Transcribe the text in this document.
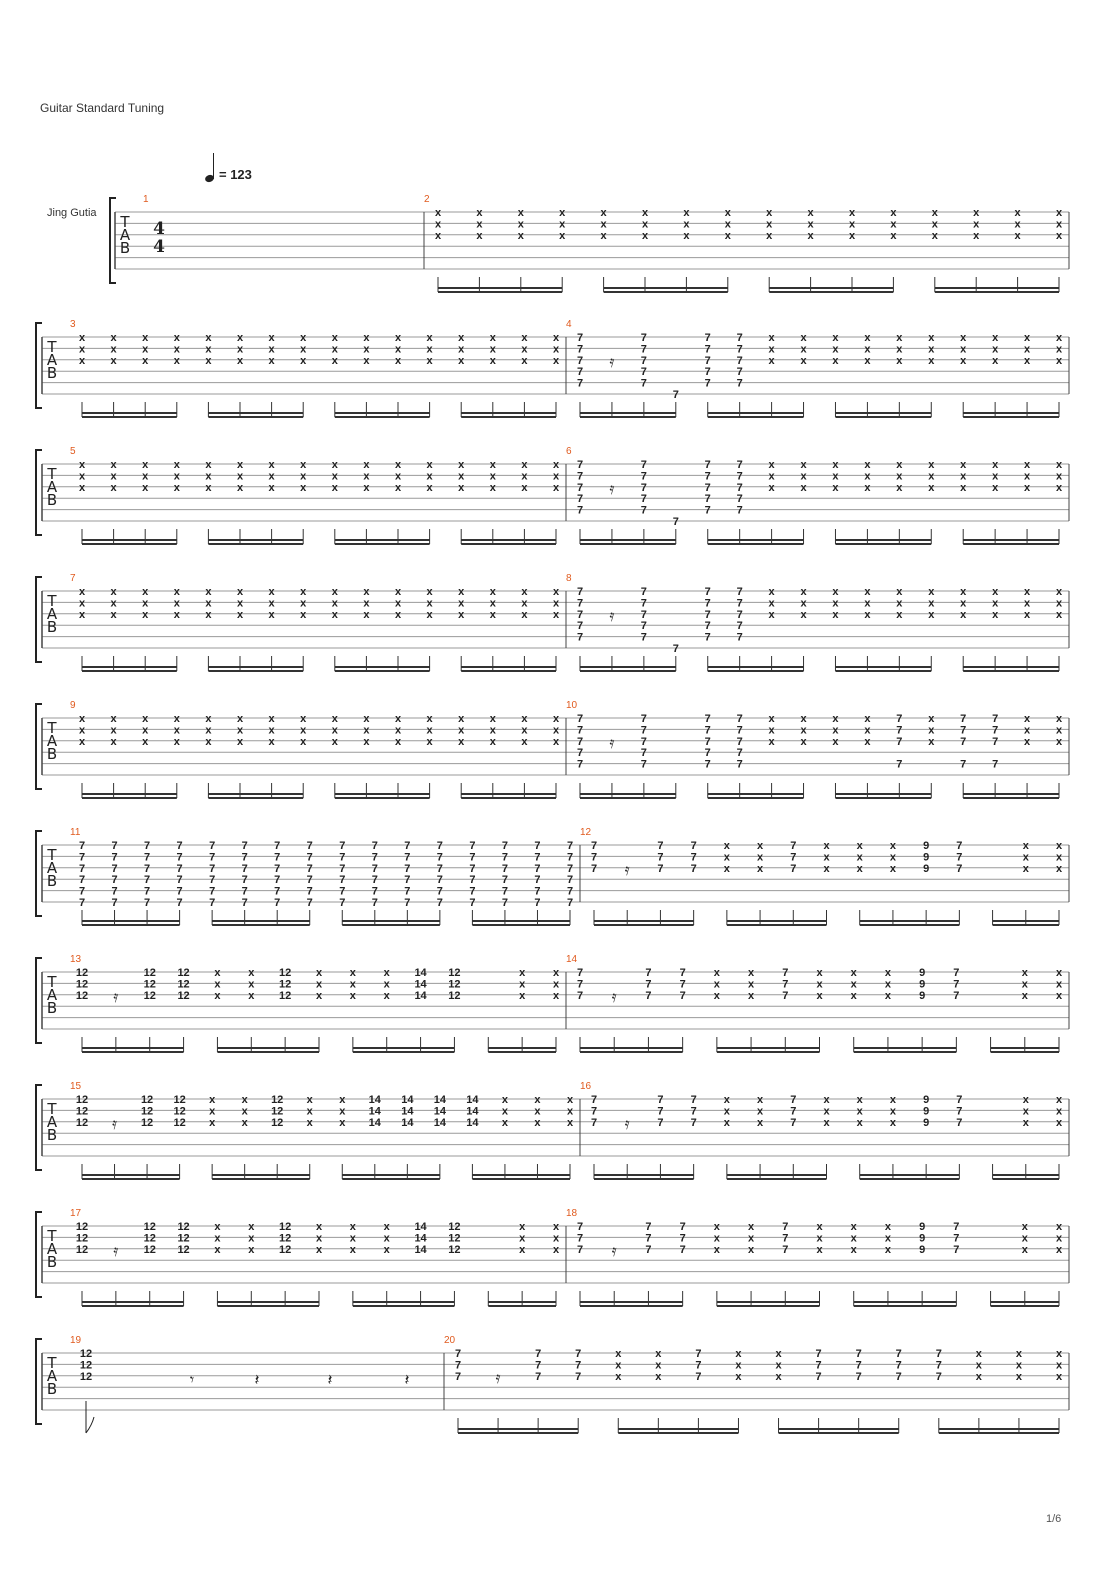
Guitar Standard Tuning
= 123
Jing Gutia T
A
B
1
4
4
2
x
x
x
x
x
x
x
x
x
x
x
x
x
x
x
x
x
x
x
x
x
x
x
x
x
x
x
x
x
x
x
x
x
x
x
x
x
x
x
x
x
x
x
x
x
x
x
x
T
A
B
3
x
x
x
x
x
x
x
x
x
x
x
x
x
x
x
x
x
x
x
x
x
x
x
x
x
x
x
x
x
x
x
x
x
x
x
x
x
x
x
x
x
x
x
x
x
x
x
x
4
7
7
7
7
7
𝄿
7
7
7
7
7
7
7
7
7
7
7
7
7
7
7
7
x
x
x
x
x
x
x
x
x
x
x
x
x
x
x
x
x
x
x
x
x
x
x
x
x
x
x
x
x
x
T
A
B
5
x
x
x
x
x
x
x
x
x
x
x
x
x
x
x
x
x
x
x
x
x
x
x
x
x
x
x
x
x
x
x
x
x
x
x
x
x
x
x
x
x
x
x
x
x
x
x
x
6
7
7
7
7
7
𝄿
7
7
7
7
7
7
7
7
7
7
7
7
7
7
7
7
x
x
x
x
x
x
x
x
x
x
x
x
x
x
x
x
x
x
x
x
x
x
x
x
x
x
x
x
x
x
T
A
B
7
x
x
x
x
x
x
x
x
x
x
x
x
x
x
x
x
x
x
x
x
x
x
x
x
x
x
x
x
x
x
x
x
x
x
x
x
x
x
x
x
x
x
x
x
x
x
x
x
8
7
7
7
7
7
𝄿
7
7
7
7
7
7
7
7
7
7
7
7
7
7
7
7
x
x
x
x
x
x
x
x
x
x
x
x
x
x
x
x
x
x
x
x
x
x
x
x
x
x
x
x
x
x
T
A
B
9
x
x
x
x
x
x
x
x
x
x
x
x
x
x
x
x
x
x
x
x
x
x
x
x
x
x
x
x
x
x
x
x
x
x
x
x
x
x
x
x
x
x
x
x
x
x
x
x
10
7
7
7
7
7
𝄿
7
7
7
7
7
7
7
7
7
7
7
7
7
7
7
x
x
x
x
x
x
x
x
x
x
x
x
7
7
7
7
x
x
x
7
7
7
7
7
7
7
7
x
x
x
x
x
x
T
A
B
11
7
7
7
7
7
7
7
7
7
7
7
7
7
7
7
7
7
7
7
7
7
7
7
7
7
7
7
7
7
7
7
7
7
7
7
7
7
7
7
7
7
7
7
7
7
7
7
7
7
7
7
7
7
7
7
7
7
7
7
7
7
7
7
7
7
7
7
7
7
7
7
7
7
7
7
7
7
7
7
7
7
7
7
7
7
7
7
7
7
7
7
7
7
7
7
7
12
7
7
7 𝄿
7
7
7
7
7
7
x
x
x
x
x
x
7
7
7
x
x
x
x
x
x
x
x
x
9
9
9
7
7
7
x
x
x
x
x
x
T
A
B
13
12
12
12 𝄿
12
12
12
12
12
12
x
x
x
x
x
x
12
12
12
x
x
x
x
x
x
x
x
x
14
14
14
12
12
12
x
x
x
x
x
x
14
7
7
7 𝄿
7
7
7
7
7
7
x
x
x
x
x
x
7
7
7
x
x
x
x
x
x
x
x
x
9
9
9
7
7
7
x
x
x
x
x
x
T
A
B
15
12
12
12 𝄿
12
12
12
12
12
12
x
x
x
x
x
x
12
12
12
x
x
x
x
x
x
14
14
14
14
14
14
14
14
14
14
14
14
x
x
x
x
x
x
x
x
x
16
7
7
7 𝄿
7
7
7
7
7
7
x
x
x
x
x
x
7
7
7
x
x
x
x
x
x
x
x
x
9
9
9
7
7
7
x
x
x
x
x
x
T
A
B
17
12
12
12 𝄿
12
12
12
12
12
12
x
x
x
x
x
x
12
12
12
x
x
x
x
x
x
x
x
x
14
14
14
12
12
12
x
x
x
x
x
x
18
7
7
7 𝄿
7
7
7
7
7
7
x
x
x
x
x
x
7
7
7
x
x
x
x
x
x
x
x
x
9
9
9
7
7
7
x
x
x
x
x
x
T
A
B
19
12
12
12	𝄾	𝄽	𝄽	𝄽
20
7
7
7 𝄿
7
7
7
7
7
7
x
x
x
x
x
x
7
7
7
x
x
x
x
x
x
7
7
7
7
7
7
7
7
7
7
7
7
x
x
x
x
x
x
x
x
x
1/6
